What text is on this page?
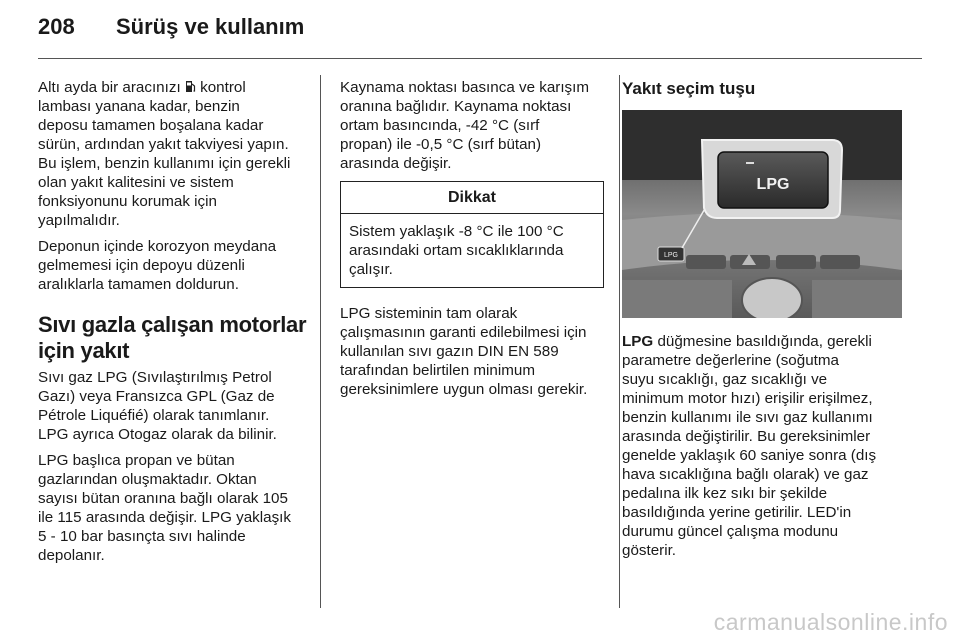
208	Sürüş ve kullanım

Altı ayda bir aracınızı  kontrol
lambası yanana kadar, benzin
deposu tamamen boşalana kadar
sürün, ardından yakıt takviyesi yapın.
Bu işlem, benzin kullanımı için gerekli
olan yakıt kalitesini ve sistem
fonksiyonunu korumak için
yapılmalıdır.

Deponun içinde korozyon meydana
gelmemesi için depoyu düzenli
aralıklarla tamamen doldurun.

Sıvı gazla çalışan motorlar
için yakıt

Sıvı gaz LPG (Sıvılaştırılmış Petrol
Gazı) veya Fransızca GPL (Gaz de
Pétrole Liquéfié) olarak tanımlanır.
LPG ayrıca Otogaz olarak da bilinir.

LPG başlıca propan ve bütan
gazlarından oluşmaktadır. Oktan
sayısı bütan oranına bağlı olarak 105
ile 115 arasında değişir. LPG yaklaşık
5 - 10 bar basınçta sıvı halinde
depolanır.

Kaynama noktası basınca ve karışım
oranına bağlıdır. Kaynama noktası
ortam basıncında, -42 °C (sırf
propan) ile -0,5 °C (sırf bütan)
arasında değişir.

Dikkat
Sistem yaklaşık -8 °C ile 100 °C
arasındaki ortam sıcaklıklarında
çalışır.

LPG sisteminin tam olarak
çalışmasının garanti edilebilmesi için
kullanılan sıvı gazın DIN EN 589
tarafından belirtilen minimum
gereksinimlere uygun olması gerekir.

Yakıt seçim tuşu
LPG
LPG

LPG düğmesine basıldığında, gerekli
parametre değerlerine (soğutma
suyu sıcaklığı, gaz sıcaklığı ve
minimum motor hızı) erişilir erişilmez,
benzin kullanımı ile sıvı gaz kullanımı
arasında değiştirilir. Bu gereksinimler
genelde yaklaşık 60 saniye sonra (dış
hava sıcaklığına bağlı olarak) ve gaz
pedalına ilk kez sıkı bir şekilde
basıldığında yerine getirilir. LED'in
durumu güncel çalışma modunu
gösterir.

carmanualsonline.info
